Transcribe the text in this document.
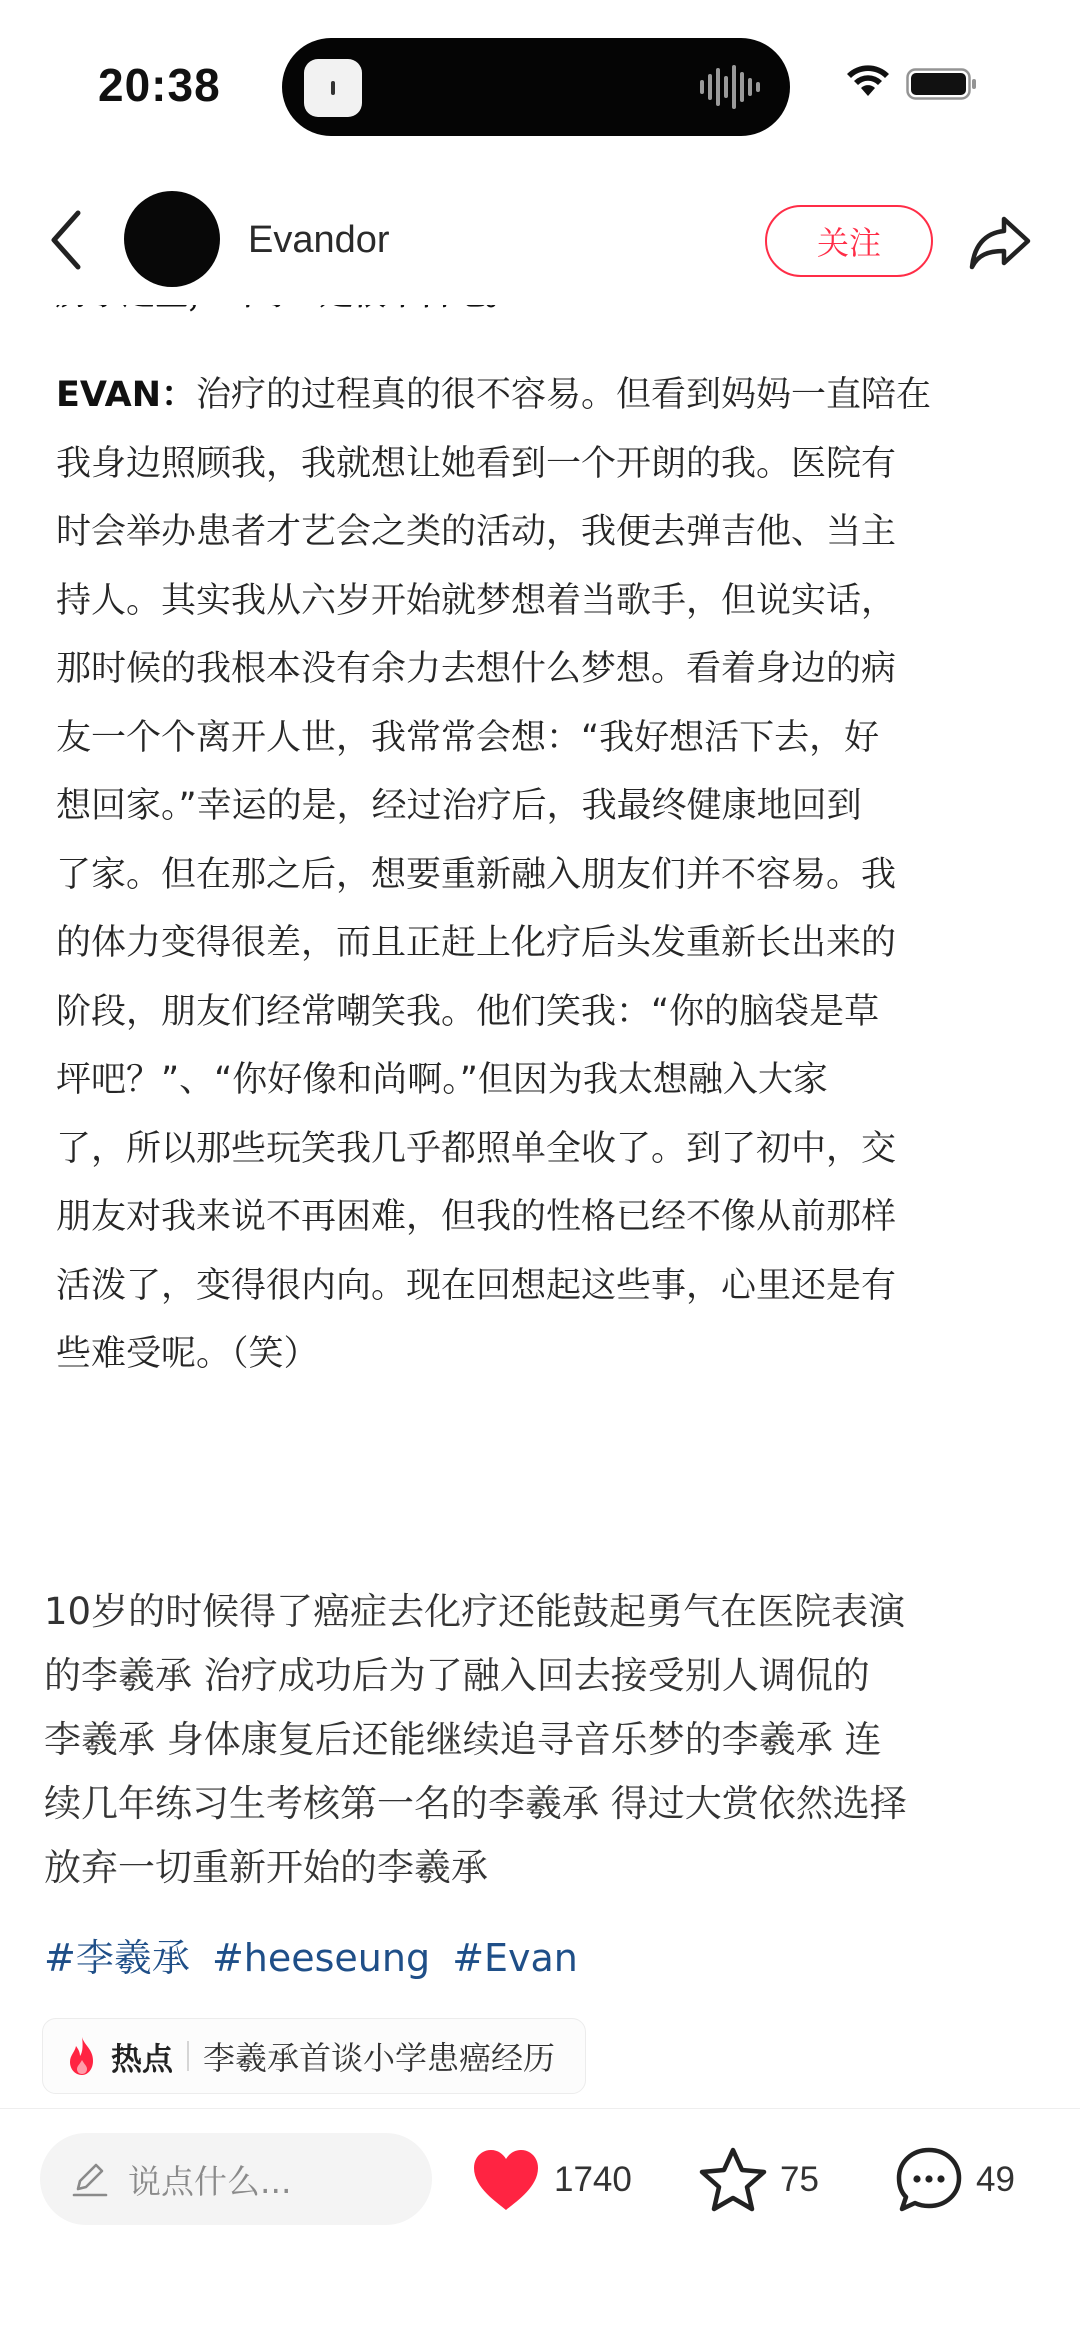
20:38
Evandor	关注
EVAN：治疗的过程真的很不容易。但看到妈妈一直陪在
我身边照顾我，我就想让她看到一个开朗的我。医院有
时会举办患者才艺会之类的活动，我便去弹吉他、当主
持人。其实我从六岁开始就梦想着当歌手，但说实话，
那时候的我根本没有余力去想什么梦想。看着身边的病
友一个个离开人世，我常常会想：“我好想活下去，好
想回家。”幸运的是，经过治疗后，我最终健康地回到
了家。但在那之后，想要重新融入朋友们并不容易。我
的体力变得很差，而且正赶上化疗后头发重新长出来的
阶段，朋友们经常嘲笑我。他们笑我：“你的脑袋是草
坪吧？”、“你好像和尚啊。”但因为我太想融入大家
了，所以那些玩笑我几乎都照单全收了。到了初中，交
朋友对我来说不再困难，但我的性格已经不像从前那样
活泼了，变得很内向。现在回想起这些事，心里还是有
些难受呢。（笑）
10岁的时候得了癌症去化疗还能鼓起勇气在医院表演
的李羲承 治疗成功后为了融入回去接受别人调侃的
李羲承 身体康复后还能继续追寻音乐梦的李羲承 连
续几年练习生考核第一名的李羲承 得过大赏依然选择
放弃一切重新开始的李羲承
#李羲承 #heeseung #Evan
热点 李羲承首谈小学患癌经历
说点什么...	1740	75	49
